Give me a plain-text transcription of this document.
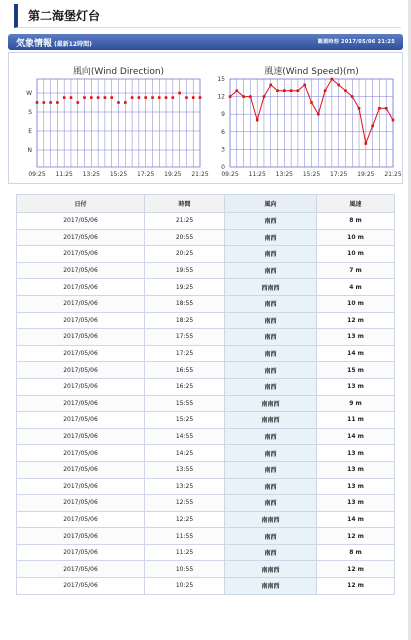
第二海堡灯台
気象情報 (最新12時間)	観測時刻 2017/05/06 21:25
風向(Wind Direction)
09:25 11:25 13:25 15:25 17:25 19:25 21:25
W
S
E
N
風速(Wind Speed)(m)
09:25 11:25 13:25 15:25 17:25 19:25 21:25
0
3
6
9
12
15
日付	時間	風向	風速
2017/05/06	21:25	南西	8 m
2017/05/06	20:55	南西	10 m
2017/05/06	20:25	南西	10 m
2017/05/06	19:55	南西	7 m
2017/05/06	19:25	西南西	4 m
2017/05/06	18:55	南西	10 m
2017/05/06	18:25	南西	12 m
2017/05/06	17:55	南西	13 m
2017/05/06	17:25	南西	14 m
2017/05/06	16:55	南西	15 m
2017/05/06	16:25	南西	13 m
2017/05/06	15:55	南南西	9 m
2017/05/06	15:25	南南西	11 m
2017/05/06	14:55	南西	14 m
2017/05/06	14:25	南西	13 m
2017/05/06	13:55	南西	13 m
2017/05/06	13:25	南西	13 m
2017/05/06	12:55	南西	13 m
2017/05/06	12:25	南南西	14 m
2017/05/06	11:55	南西	12 m
2017/05/06	11:25	南西	8 m
2017/05/06	10:55	南南西	12 m
2017/05/06	10:25	南南西	12 m
